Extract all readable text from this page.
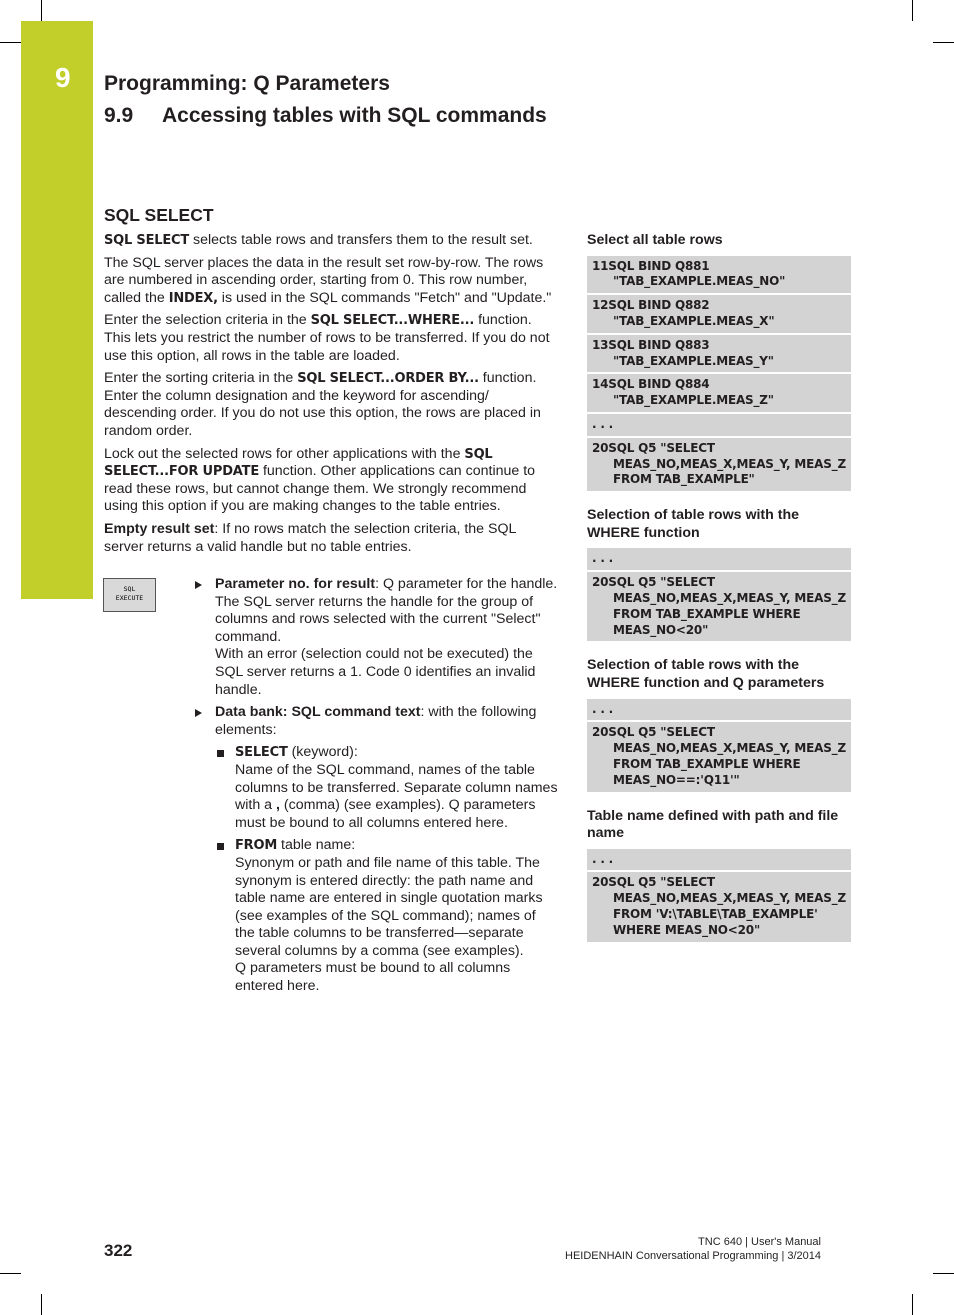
9 Programming: Q Parameters
9.9 Accessing tables with SQL commands
SQL SELECT

SQL SELECT selects table rows and transfers them to the result set.

The SQL server places the data in the result set row-by-row. The rows are numbered in ascending order, starting from 0. This row number, called the INDEX, is used in the SQL commands "Fetch" and "Update."

Enter the selection criteria in the SQL SELECT...WHERE... function. This lets you restrict the number of rows to be transferred. If you do not use this option, all rows in the table are loaded.

Enter the sorting criteria in the SQL SELECT...ORDER BY... function. Enter the column designation and the keyword for ascending/ descending order. If you do not use this option, the rows are placed in random order.

Lock out the selected rows for other applications with the SQL SELECT...FOR UPDATE function. Other applications can continue to read these rows, but cannot change them. We strongly recommend using this option if you are making changes to the table entries.

Empty result set: If no rows match the selection criteria, the SQL server returns a valid handle but no table entries.

SQL
EXECUTE
Parameter no. for result: Q parameter for the handle. The SQL server returns the handle for the group of columns and rows selected with the current "Select" command.
With an error (selection could not be executed) the SQL server returns a 1. Code 0 identifies an invalid handle.
Data bank: SQL command text: with the following elements:
SELECT (keyword):
Name of the SQL command, names of the table columns to be transferred. Separate column names with a , (comma) (see examples). Q parameters must be bound to all columns entered here.
FROM table name:
Synonym or path and file name of this table. The synonym is entered directly: the path name and table name are entered in single quotation marks (see examples of the SQL command); names of the table columns to be transferred—separate several columns by a comma (see examples).
Q parameters must be bound to all columns entered here.
Select all table rows
11SQL BIND Q881
"TAB_EXAMPLE.MEAS_NO"
12SQL BIND Q882
"TAB_EXAMPLE.MEAS_X"
13SQL BIND Q883
"TAB_EXAMPLE.MEAS_Y"
14SQL BIND Q884
"TAB_EXAMPLE.MEAS_Z"
. . .
20SQL Q5 "SELECT
MEAS_NO,MEAS_X,MEAS_Y, MEAS_Z
FROM TAB_EXAMPLE"
Selection of table rows with the WHERE function
. . .
20SQL Q5 "SELECT
MEAS_NO,MEAS_X,MEAS_Y, MEAS_Z
FROM TAB_EXAMPLE WHERE
MEAS_NO<20"
Selection of table rows with the WHERE function and Q parameters
. . .
20SQL Q5 "SELECT
MEAS_NO,MEAS_X,MEAS_Y, MEAS_Z
FROM TAB_EXAMPLE WHERE
MEAS_NO==:'Q11'"
Table name defined with path and file name
. . .
20SQL Q5 "SELECT
MEAS_NO,MEAS_X,MEAS_Y, MEAS_Z
FROM 'V:\TABLE\TAB_EXAMPLE'
WHERE MEAS_NO<20"
322	TNC 640 | User's Manual
HEIDENHAIN Conversational Programming | 3/2014
